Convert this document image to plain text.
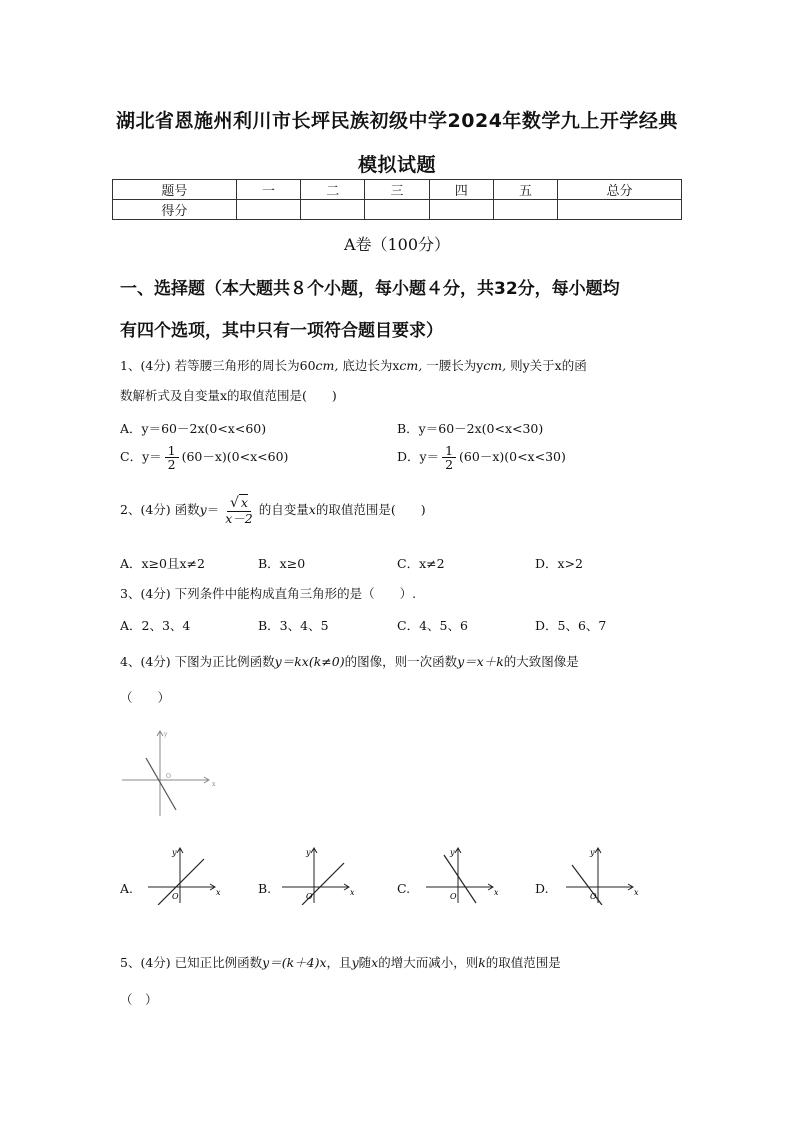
湖北省恩施州利川市长坪民族初级中学2024年数学九上开学经典
模拟试题
题号	一	二	三	四	五	总分
得分						
A卷（100分）
一、选择题（本大题共８个小题，每小题４分，共32分，每小题均
有四个选项，其中只有一项符合题目要求）
1、(4分) 若等腰三角形的周长为60cm, 底边长为xcm, 一腰长为ycm, 则y关于x的函
数解析式及自变量x的取值范围是(　　)
A．y＝60－2x(0<x<60)	B．y＝60－2x(0<x<30)
C．$y= \frac{1}{2} (60-x)(0<x<60)$	D．$y= \frac{1}{2} (60-x)(0<x<30)$
2、(4分) 函数$y= \frac{√ x}{x-2}$ 的自变量x的取值范围是(　　)
A．x≥0且x≠2	B．x≥0	C．x≠2	D．x>2
3、(4分) 下列条件中能构成直角三角形的是（　　）.
A．2、3、4	B．3、4、5	C．4、5、6	D．5、6、7
4、(4分) 下图为正比例函数y＝kx(k≠0)的图像，则一次函数y＝x＋k的大致图像是
（　　）
x
y
O
A.	x
y
O
B.	x
y
O
C.	x
y
O
D.	x
y
O
5、(4分) 已知正比例函数y＝(k＋4)x，且y随x的增大而减小，则k的取值范围是
（　）
